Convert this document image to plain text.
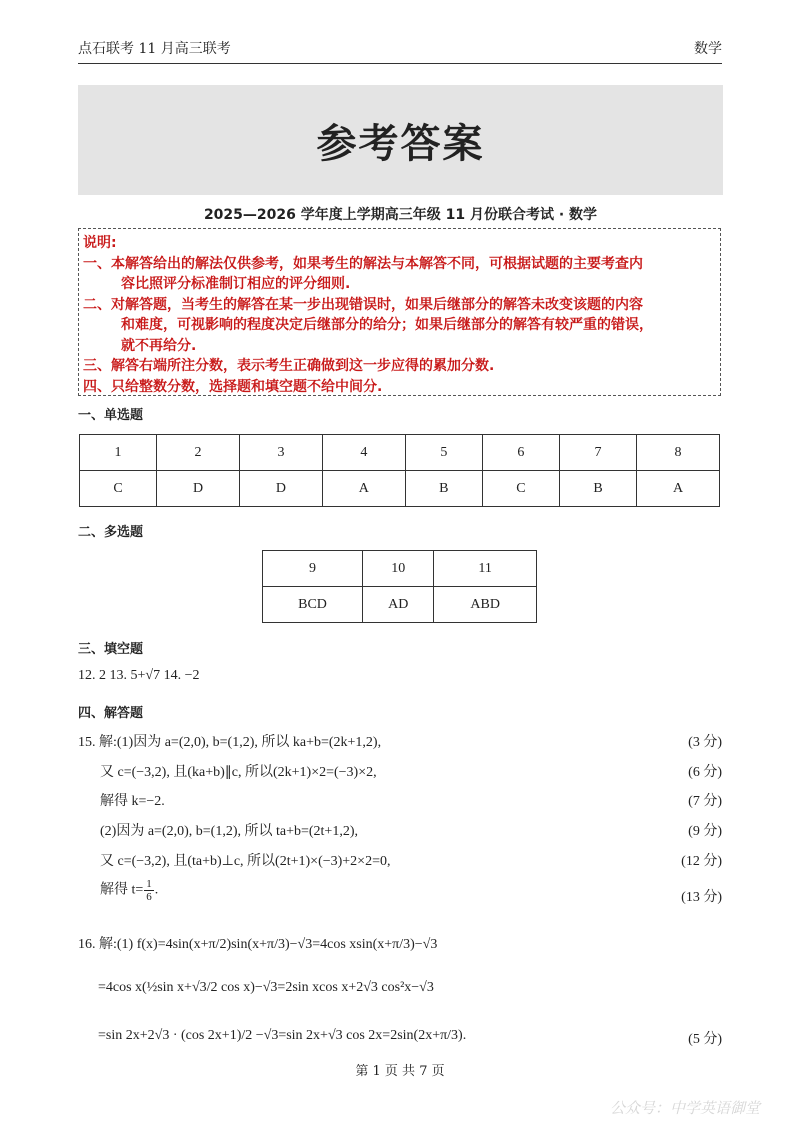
点石联考 11 月高三联考	数学
参考答案
2025—2026 学年度上学期高三年级 11 月份联合考试 · 数学
说明:
一、本解答给出的解法仅供参考，如果考生的解法与本解答不同，可根据试题的主要考查内
容比照评分标准制订相应的评分细则.
二、对解答题，当考生的解答在某一步出现错误时，如果后继部分的解答未改变该题的内容
和难度，可视影响的程度决定后继部分的给分；如果后继部分的解答有较严重的错误，
就不再给分.
三、解答右端所注分数，表示考生正确做到这一步应得的累加分数.
四、只给整数分数，选择题和填空题不给中间分.
一、单选题
1	2	3	4	5	6	7	8
C	D	D	A	B	C	B	A
二、多选题
9	10	11
BCD	AD	ABD
三、填空题
12. 2 13. 5+√7 14. −2
四、解答题
15. 解:(1)因为 a=(2,0), b=(1,2), 所以 ka+b=(2k+1,2),	(3 分)
又 c=(−3,2), 且(ka+b)∥c, 所以(2k+1)×2=(−3)×2,	(6 分)
解得 k=−2.	(7 分)
(2)因为 a=(2,0), b=(1,2), 所以 ta+b=(2t+1,2),	(9 分)
又 c=(−3,2), 且(ta+b)⊥c, 所以(2t+1)×(−3)+2×2=0,	(12 分)
解得 $t= \frac{1}{6}$ .	(13 分)
16. 解:(1) f(x)=4sin(x+π/2)sin(x+π/3)−√3=4cos xsin(x+π/3)−√3
=4cos x(½sin x+√3/2 cos x)−√3=2sin xcos x+2√3 cos²x−√3
=sin 2x+2√3 · (cos 2x+1)/2 −√3=sin 2x+√3 cos 2x=2sin(2x+π/3).	(5 分)
第 1 页 共 7 页
公众号：中学英语御堂
